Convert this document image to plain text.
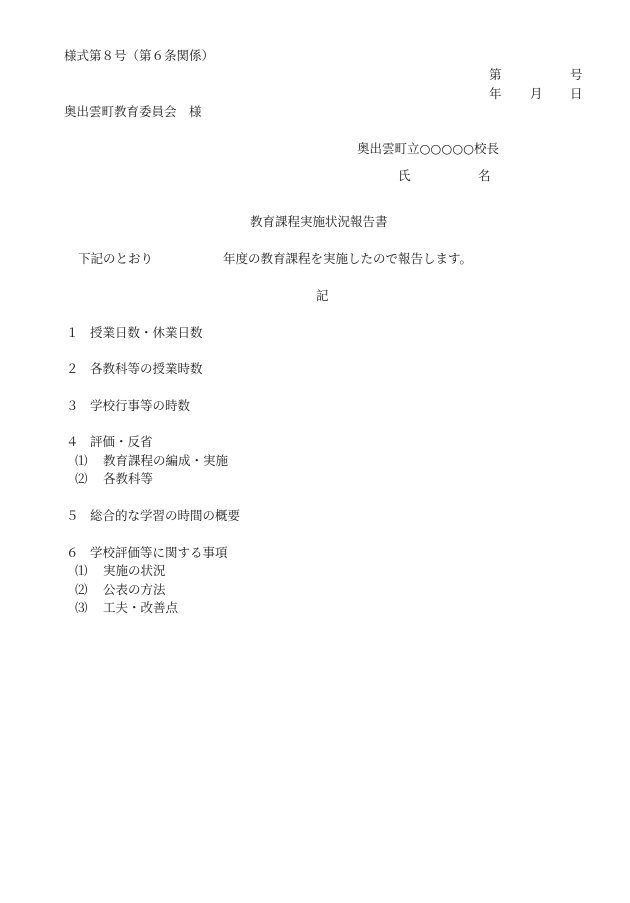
様式第８号（第６条関係）
第	号
年 月 日
奥出雲町教育委員会　様
奥出雲町立○○○○○校長
氏	名
教育課程実施状況報告書
下記のとおり	年度の教育課程を実施したので報告します。
記
１ 授業日数・休業日数
２ 各教科等の授業時数
３ 学校行事等の時数
４ 評価・反省
⑴ 教育課程の編成・実施
⑵ 各教科等
５ 総合的な学習の時間の概要
６ 学校評価等に関する事項
⑴ 実施の状況
⑵ 公表の方法
⑶ 工夫・改善点
